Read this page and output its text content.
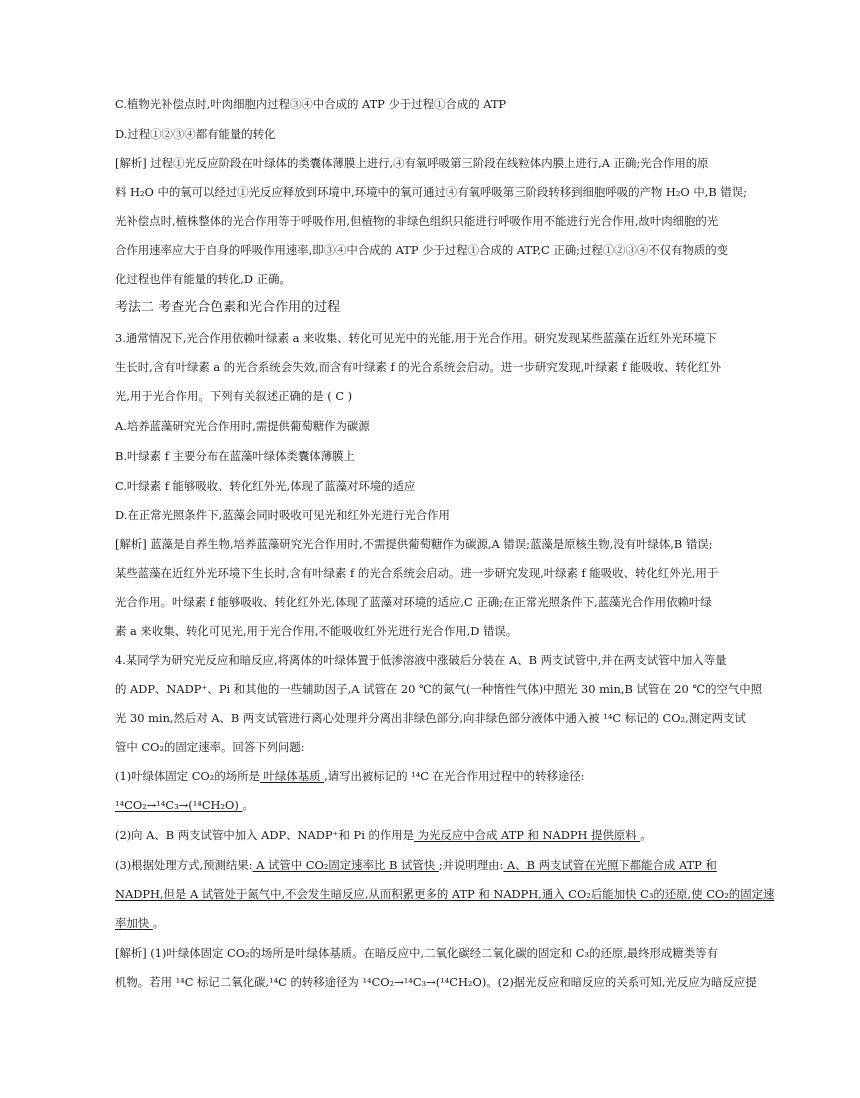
C.植物光补偿点时,叶肉细胞内过程③④中合成的 ATP 少于过程①合成的 ATP
D.过程①②③④都有能量的转化
[解析] 过程①光反应阶段在叶绿体的类囊体薄膜上进行,④有氧呼吸第三阶段在线粒体内膜上进行,A 正确;光合作用的原
料 H₂O 中的氧可以经过①光反应释放到环境中,环境中的氧可通过④有氧呼吸第三阶段转移到细胞呼吸的产物 H₂O 中,B 错误;
光补偿点时,植株整体的光合作用等于呼吸作用,但植物的非绿色组织只能进行呼吸作用不能进行光合作用,故叶肉细胞的光
合作用速率应大于自身的呼吸作用速率,即③④中合成的 ATP 少于过程①合成的 ATP,C 正确;过程①②③④不仅有物质的变
化过程也伴有能量的转化,D 正确。
考法二 考查光合色素和光合作用的过程
3.通常情况下,光合作用依赖叶绿素 a 来收集、转化可见光中的光能,用于光合作用。研究发现某些蓝藻在近红外光环境下
生长时,含有叶绿素 a 的光合系统会失效,而含有叶绿素 f 的光合系统会启动。进一步研究发现,叶绿素 f 能吸收、转化红外
光,用于光合作用。下列有关叙述正确的是 ( C )
A.培养蓝藻研究光合作用时,需提供葡萄糖作为碳源
B.叶绿素 f 主要分布在蓝藻叶绿体类囊体薄膜上
C.叶绿素 f 能够吸收、转化红外光,体现了蓝藻对环境的适应
D.在正常光照条件下,蓝藻会同时吸收可见光和红外光进行光合作用
[解析] 蓝藻是自养生物,培养蓝藻研究光合作用时,不需提供葡萄糖作为碳源,A 错误;蓝藻是原核生物,没有叶绿体,B 错误;
某些蓝藻在近红外光环境下生长时,含有叶绿素 f 的光合系统会启动。进一步研究发现,叶绿素 f 能吸收、转化红外光,用于
光合作用。叶绿素 f 能够吸收、转化红外光,体现了蓝藻对环境的适应,C 正确;在正常光照条件下,蓝藻光合作用依赖叶绿
素 a 来收集、转化可见光,用于光合作用,不能吸收红外光进行光合作用,D 错误。
4.某同学为研究光反应和暗反应,将离体的叶绿体置于低渗溶液中涨破后分装在 A、B 两支试管中,并在两支试管中加入等量
的 ADP、NADP⁺、Pi 和其他的一些辅助因子,A 试管在 20 ℃的氮气(一种惰性气体)中照光 30 min,B 试管在 20 ℃的空气中照
光 30 min,然后对 A、B 两支试管进行离心处理并分离出非绿色部分,向非绿色部分液体中通入被 ¹⁴C 标记的 CO₂,测定两支试
管中 CO₂的固定速率。回答下列问题:
(1)叶绿体固定 CO₂的场所是 叶绿体基质 ,请写出被标记的 ¹⁴C 在光合作用过程中的转移途径:
¹⁴CO₂→¹⁴C₃→(¹⁴CH₂O) 。
(2)向 A、B 两支试管中加入 ADP、NADP⁺和 Pi 的作用是 为光反应中合成 ATP 和 NADPH 提供原料 。
(3)根据处理方式,预测结果: A 试管中 CO₂固定速率比 B 试管快 ;并说明理由: A、B 两支试管在光照下都能合成 ATP 和
NADPH,但是 A 试管处于氮气中,不会发生暗反应,从而积累更多的 ATP 和 NADPH,通入 CO₂后能加快 C₃的还原,使 CO₂的固定速
率加快 。
[解析] (1)叶绿体固定 CO₂的场所是叶绿体基质。在暗反应中,二氧化碳经二氧化碳的固定和 C₃的还原,最终形成糖类等有
机物。若用 ¹⁴C 标记二氧化碳,¹⁴C 的转移途径为 ¹⁴CO₂→¹⁴C₃→(¹⁴CH₂O)。(2)据光反应和暗反应的关系可知,光反应为暗反应提
